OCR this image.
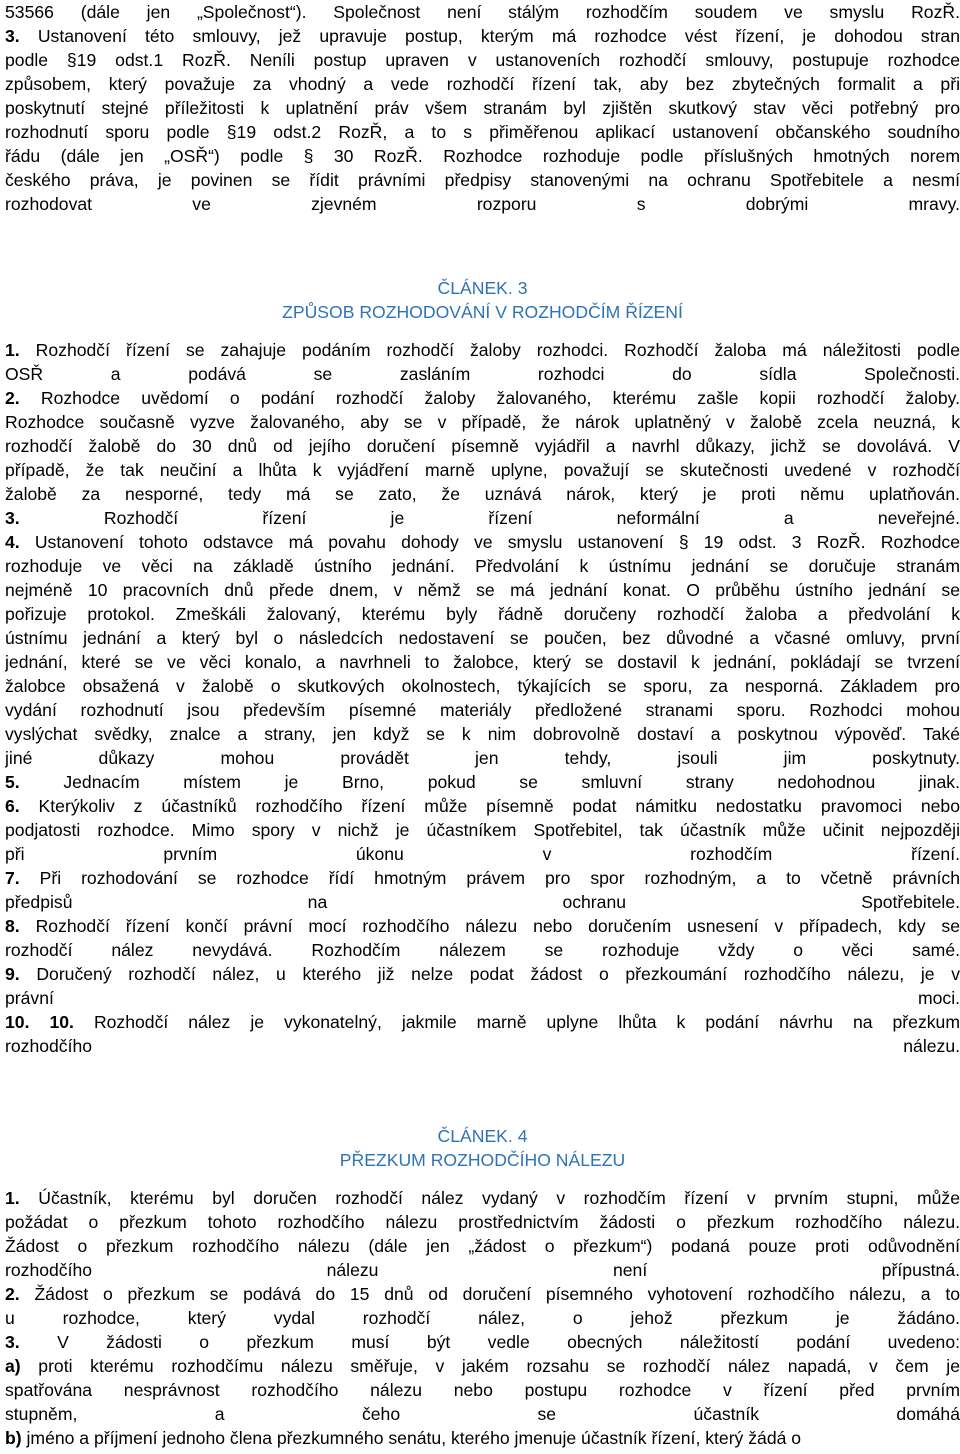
53566 (dále jen „Společnost“). Společnost není stálým rozhodčím soudem ve smyslu RozŘ.
3. Ustanovení této smlouvy, jež upravuje postup, kterým má rozhodce vést řízení, je dohodou stran
podle §19 odst.1 RozŘ. Neníli postup upraven v ustanoveních rozhodčí smlouvy, postupuje rozhodce
způsobem, který považuje za vhodný a vede rozhodčí řízení tak, aby bez zbytečných formalit a při
poskytnutí stejné příležitosti k uplatnění práv všem stranám byl zjištěn skutkový stav věci potřebný pro
rozhodnutí sporu podle §19 odst.2 RozŘ, a to s přiměřenou aplikací ustanovení občanského soudního
řádu (dále jen „OSŘ“) podle § 30 RozŘ. Rozhodce rozhoduje podle příslušných hmotných norem
českého práva, je povinen se řídit právními předpisy stanovenými na ochranu Spotřebitele a nesmí
rozhodovat ve zjevném rozporu s dobrými mravy.
ČLÁNEK. 3
ZPŮSOB ROZHODOVÁNÍ V ROZHODČÍM ŘÍZENÍ
1. Rozhodčí řízení se zahajuje podáním rozhodčí žaloby rozhodci. Rozhodčí žaloba má náležitosti podle
OSŘ a podává se zasláním rozhodci do sídla Společnosti.
2. Rozhodce uvědomí o podání rozhodčí žaloby žalovaného, kterému zašle kopii rozhodčí žaloby.
Rozhodce současně vyzve žalovaného, aby se v případě, že nárok uplatněný v žalobě zcela neuzná, k
rozhodčí žalobě do 30 dnů od jejího doručení písemně vyjádřil a navrhl důkazy, jichž se dovolává. V
případě, že tak neučiní a lhůta k vyjádření marně uplyne, považují se skutečnosti uvedené v rozhodčí
žalobě za nesporné, tedy má se zato, že uznává nárok, který je proti němu uplatňován.
3. Rozhodčí řízení je řízení neformální a neveřejné.
4. Ustanovení tohoto odstavce má povahu dohody ve smyslu ustanovení § 19 odst. 3 RozŘ. Rozhodce
rozhoduje ve věci na základě ústního jednání. Předvolání k ústnímu jednání se doručuje stranám
nejméně 10 pracovních dnů přede dnem, v němž se má jednání konat. O průběhu ústního jednání se
pořizuje protokol. Zmeškáli žalovaný, kterému byly řádně doručeny rozhodčí žaloba a předvolání k
ústnímu jednání a který byl o následcích nedostavení se poučen, bez důvodné a včasné omluvy, první
jednání, které se ve věci konalo, a navrhneli to žalobce, který se dostavil k jednání, pokládají se tvrzení
žalobce obsažená v žalobě o skutkových okolnostech, týkajících se sporu, za nesporná. Základem pro
vydání rozhodnutí jsou především písemné materiály předložené stranami sporu. Rozhodci mohou
vyslýchat svědky, znalce a strany, jen když se k nim dobrovolně dostaví a poskytnou výpověď. Také
jiné důkazy mohou provádět jen tehdy, jsouli jim poskytnuty.
5. Jednacím místem je Brno, pokud se smluvní strany nedohodnou jinak.
6. Kterýkoliv z účastníků rozhodčího řízení může písemně podat námitku nedostatku pravomoci nebo
podjatosti rozhodce. Mimo spory v nichž je účastníkem Spotřebitel, tak účastník může učinit nejpozději
při prvním úkonu v rozhodčím řízení.
7. Při rozhodování se rozhodce řídí hmotným právem pro spor rozhodným, a to včetně právních
předpisů na ochranu Spotřebitele.
8. Rozhodčí řízení končí právní mocí rozhodčího nálezu nebo doručením usnesení v případech, kdy se
rozhodčí nález nevydává. Rozhodčím nálezem se rozhoduje vždy o věci samé.
9. Doručený rozhodčí nález, u kterého již nelze podat žádost o přezkoumání rozhodčího nálezu, je v
právní moci.
10. 10. Rozhodčí nález je vykonatelný, jakmile marně uplyne lhůta k podání návrhu na přezkum
rozhodčího nálezu.
ČLÁNEK. 4
PŘEZKUM ROZHODČÍHO NÁLEZU
1. Účastník, kterému byl doručen rozhodčí nález vydaný v rozhodčím řízení v prvním stupni, může
požádat o přezkum tohoto rozhodčího nálezu prostřednictvím žádosti o přezkum rozhodčího nálezu.
Žádost o přezkum rozhodčího nálezu (dále jen „žádost o přezkum“) podaná pouze proti odůvodnění
rozhodčího nálezu není přípustná.
2. Žádost o přezkum se podává do 15 dnů od doručení písemného vyhotovení rozhodčího nálezu, a to
u rozhodce, který vydal rozhodčí nález, o jehož přezkum je žádáno.
3. V žádosti o přezkum musí být vedle obecných náležitostí podání uvedeno:
a) proti kterému rozhodčímu nálezu směřuje, v jakém rozsahu se rozhodčí nález napadá, v čem je
spatřována nesprávnost rozhodčího nálezu nebo postupu rozhodce v řízení před prvním
stupněm, a čeho se účastník domáhá
b) jméno a příjmení jednoho člena přezkumného senátu, kterého jmenuje účastník řízení, který žádá o
